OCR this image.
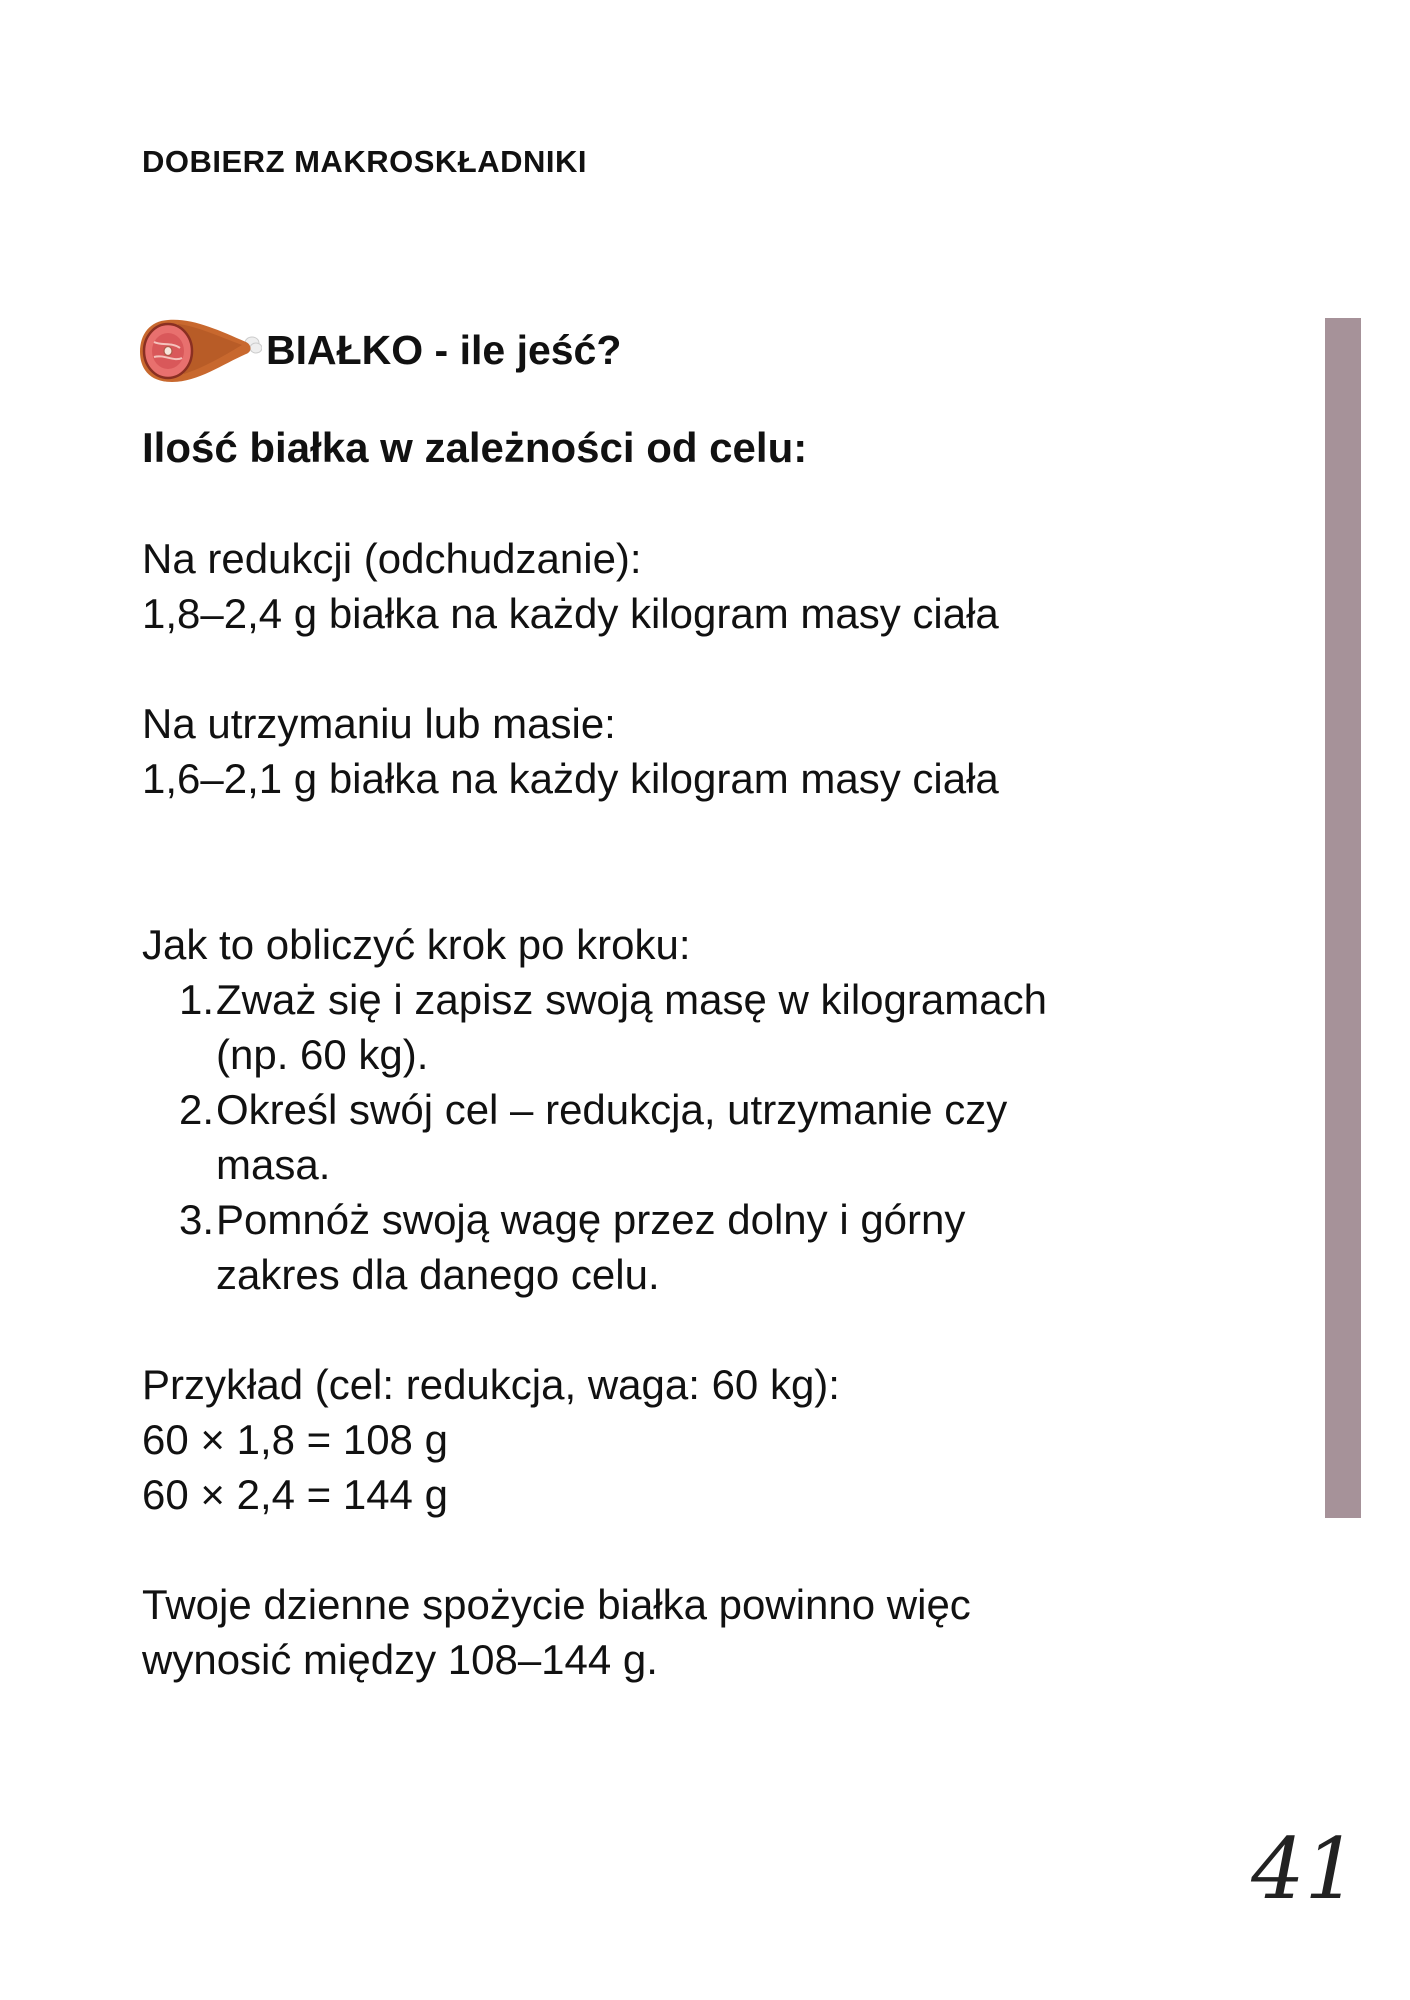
DOBIERZ MAKROSKŁADNIKI
BIAŁKO - ile jeść?
Ilość białka w zależności od celu:

Na redukcji (odchudzanie):

1,8–2,4 g białka na każdy kilogram masy ciała

Na utrzymaniu lub masie:

1,6–2,1 g białka na każdy kilogram masy ciała

Jak to obliczyć krok po kroku:

1. Zważ się i zapisz swoją masę w kilogramach
(np. 60 kg).
2. Określ swój cel – redukcja, utrzymanie czy
masa.
3. Pomnóż swoją wagę przez dolny i górny
zakres dla danego celu.

Przykład (cel: redukcja, waga: 60 kg):

60 × 1,8 = 108 g

60 × 2,4 = 144 g

Twoje dzienne spożycie białka powinno więc

wynosić między 108–144 g.

41
